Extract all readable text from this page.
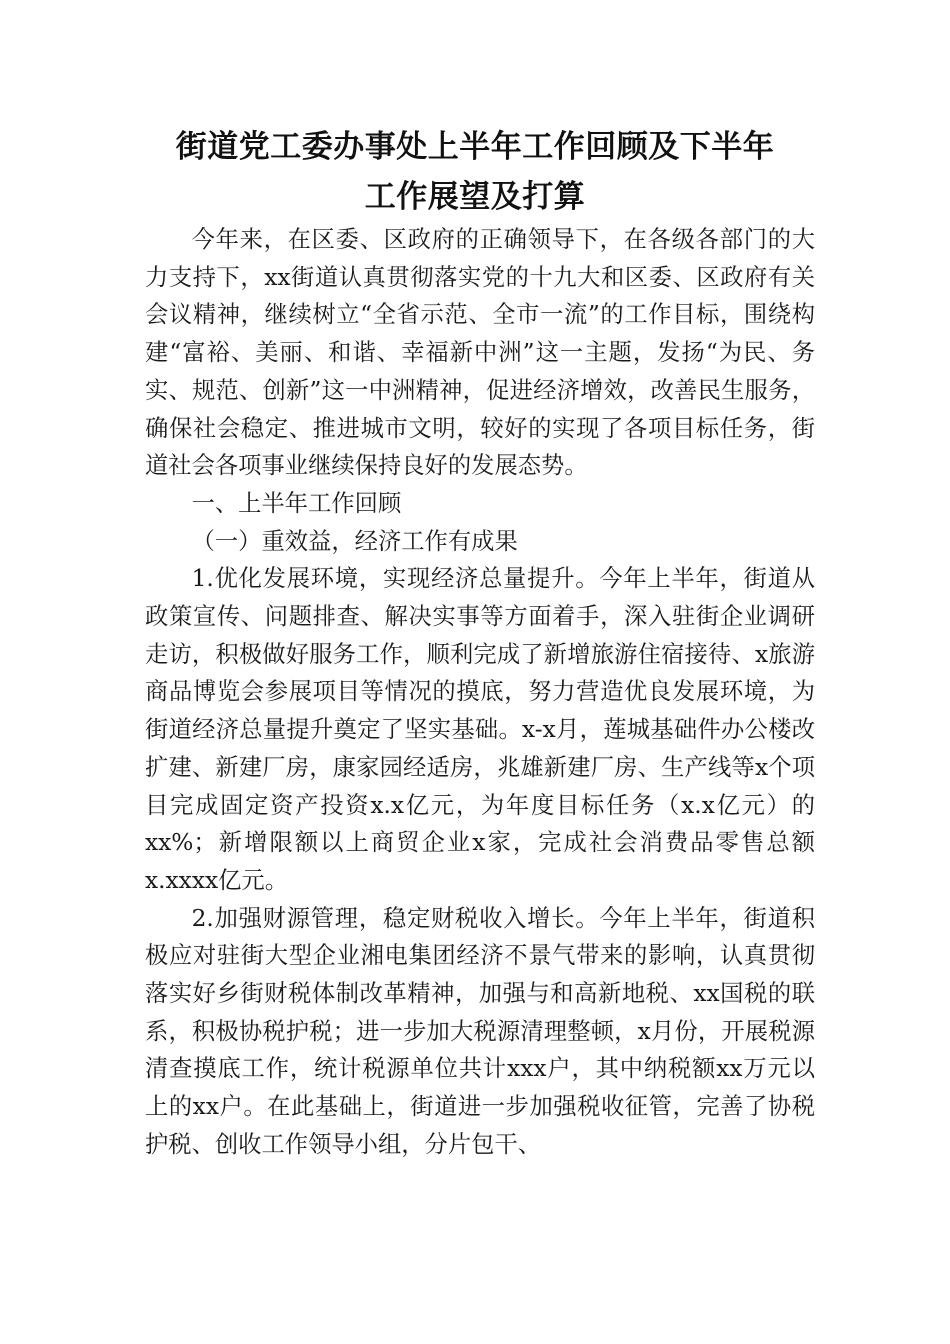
街道党工委办事处上半年工作回顾及下半年
工作展望及打算

今年来，在区委、区政府的正确领导下，在各级各部门的大力支持下，xx街道认真贯彻落实党的十九大和区委、区政府有关会议精神，继续树立“全省示范、全市一流”的工作目标，围绕构建“富裕、美丽、和谐、幸福新中洲”这一主题，发扬“为民、务实、规范、创新”这一中洲精神，促进经济增效，改善民生服务，确保社会稳定、推进城市文明，较好的实现了各项目标任务，街道社会各项事业继续保持良好的发展态势。

一、上半年工作回顾

（一）重效益，经济工作有成果

1.优化发展环境，实现经济总量提升。今年上半年，街道从政策宣传、问题排查、解决实事等方面着手，深入驻街企业调研走访，积极做好服务工作，顺利完成了新增旅游住宿接待、x旅游商品博览会参展项目等情况的摸底，努力营造优良发展环境，为街道经济总量提升奠定了坚实基础。x-x月，莲城基础件办公楼改扩建、新建厂房，康家园经适房，兆雄新建厂房、生产线等x个项目完成固定资产投资x.x亿元，为年度目标任务（x.x亿元）的xx%；新增限额以上商贸企业x家，完成社会消费品零售总额x.xxxx亿元。

2.加强财源管理，稳定财税收入增长。今年上半年，街道积极应对驻街大型企业湘电集团经济不景气带来的影响，认真贯彻落实好乡街财税体制改革精神，加强与和高新地税、xx国税的联系，积极协税护税；进一步加大税源清理整顿，x月份，开展税源清查摸底工作，统计税源单位共计xxx户，其中纳税额xx万元以上的xx户。在此基础上，街道进一步加强税收征管，完善了协税护税、创收工作领导小组，分片包干、
